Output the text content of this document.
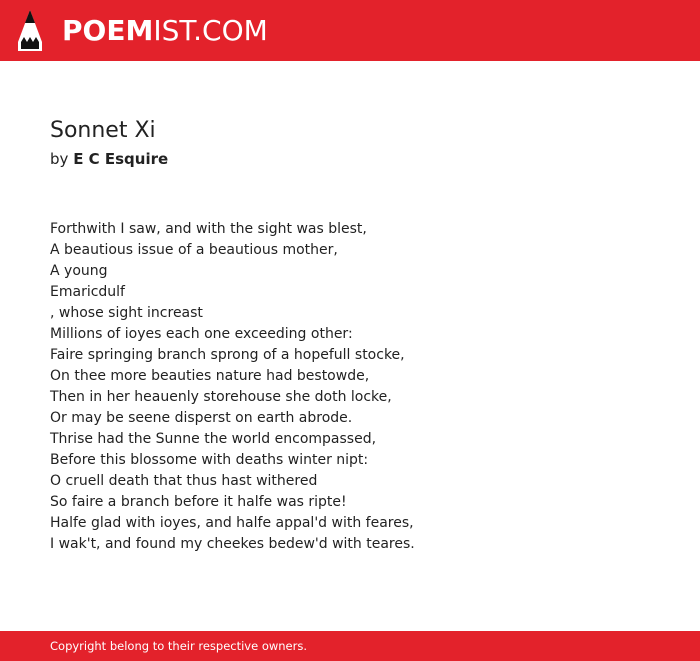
POEMIST.COM
Sonnet Xi
by E C Esquire
Forthwith I saw, and with the sight was blest,
A beautious issue of a beautious mother,
A young
Emaricdulf
, whose sight increast
Millions of ioyes each one exceeding other:
Faire springing branch sprong of a hopefull stocke,
On thee more beauties nature had bestowde,
Then in her heauenly storehouse she doth locke,
Or may be seene disperst on earth abrode.
Thrise had the Sunne the world encompassed,
Before this blossome with deaths winter nipt:
O cruell death that thus hast withered
So faire a branch before it halfe was ripte!
Halfe glad with ioyes, and halfe appal'd with feares,
I wak't, and found my cheekes bedew'd with teares.
Copyright belong to their respective owners.
